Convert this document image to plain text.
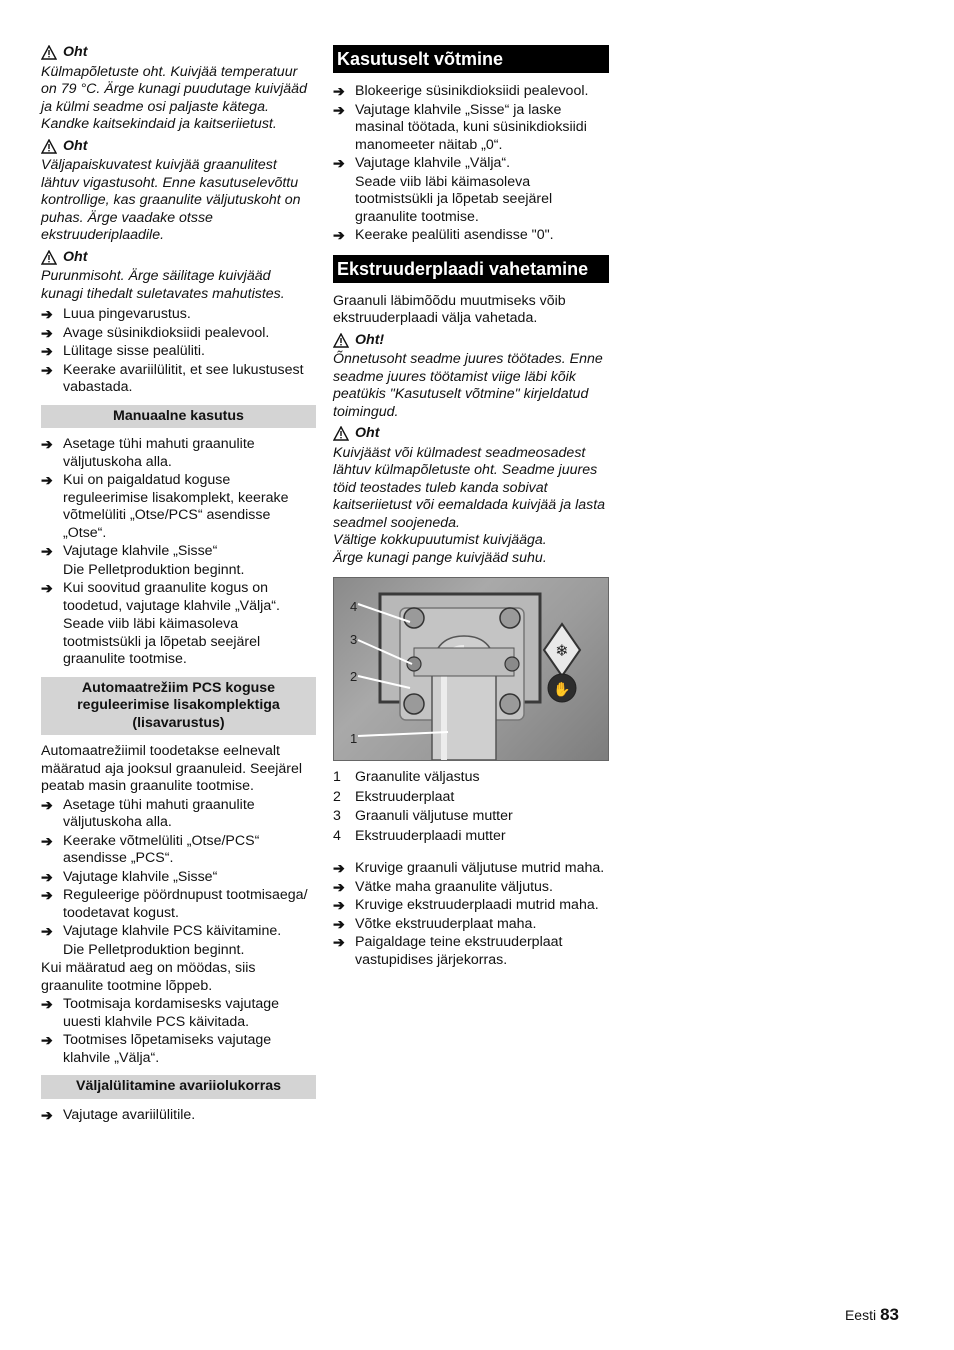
Oht
Külmapõletuste oht. Kuivjää temperatuur on 79 °C. Ärge kunagi puudutage kuivjääd ja külmi seadme osi paljaste kätega. Kandke kaitsekindaid ja kaitseriietust.
Oht
Väljapaiskuvatest kuivjää graanulitest lähtuv vigastusoht. Enne kasutuselevõttu kontrollige, kas graanulite väljutuskoht on puhas. Ärge vaadake otsse ekstruuderiplaadile.
Oht
Purunmisoht. Ärge säilitage kuivjääd kunagi tihedalt suletavates mahutistes.
➔ Luua pingevarustus.
➔ Avage süsinikdioksiidi pealevool.
➔ Lülitage sisse pealüliti.
➔ Keerake avariilülitit, et see lukustusest vabastada.
Manuaalne kasutus
➔ Asetage tühi mahuti graanulite väljutuskoha alla.
➔ Kui on paigaldatud koguse reguleerimise lisakomplekt, keerake võtmelüliti „Otse/PCS“ asendisse „Otse“.
➔ Vajutage klahvile „Sisse“
Die Pelletproduktion beginnt.
➔ Kui soovitud graanulite kogus on toodetud, vajutage klahvile „Välja“.
Seade viib läbi käimasoleva tootmistsükli ja lõpetab seejärel graanulite tootmise.
Automaatrežiim PCS koguse reguleerimise lisakomplektiga (lisavarustus)
Automaatrežiimil toodetakse eelnevalt määratud aja jooksul graanuleid. Seejärel peatab masin graanulite tootmise.
➔ Asetage tühi mahuti graanulite väljutuskoha alla.
➔ Keerake võtmelüliti „Otse/PCS“ asendisse „PCS“.
➔ Vajutage klahvile „Sisse“
➔ Reguleerige pöördnupust tootmisaega/ toodetavat kogust.
➔ Vajutage klahvile PCS käivitamine.
Die Pelletproduktion beginnt.
Kui määratud aeg on möödas, siis graanulite tootmine lõppeb.
➔ Tootmisaja kordamisesks vajutage uuesti klahvile PCS käivitada.
➔ Tootmises lõpetamiseks vajutage klahvile „Välja“.
Väljalülitamine avariiolukorras
➔ Vajutage avariilülitile.
Kasutuselt võtmine
➔ Blokeerige süsinikdioksiidi pealevool.
➔ Vajutage klahvile „Sisse“ ja laske masinal töötada, kuni süsinikdioksiidi manomeeter näitab „0“.
➔ Vajutage klahvile „Välja“.
Seade viib läbi käimasoleva tootmistsükli ja lõpetab seejärel graanulite tootmise.
➔ Keerake pealüliti asendisse "0".
Ekstruuderplaadi vahetamine
Graanuli läbimõõdu muutmiseks võib ekstruuderplaadi välja vahetada.
Oht!
Õnnetusoht seadme juures töötades. Enne seadme juures töötamist viige läbi kõik peatükis "Kasutuselt võtmine" kirjeldatud toimingud.
Oht
Kuivjääst või külmadest seadmeosadest lähtuv külmapõletuste oht. Seadme juures töid teostades tuleb kanda sobivat kaitseriietust või eemaldada kuivjää ja lasta seadmel soojeneda.
Vältige kokkupuutumist kuivjääga.
Ärge kunagi pange kuivjääd suhu.
❄
✋
4
3
2
1
1 Graanulite väljastus
2 Ekstruuderplaat
3 Graanuli väljutuse mutter
4 Ekstruuderplaadi mutter
➔ Kruvige graanuli väljutuse mutrid maha.
➔ Vätke maha graanulite väljutus.
➔ Kruvige ekstruuderplaadi mutrid maha.
➔ Võtke ekstruuderplaat maha.
➔ Paigaldage teine ekstruuderplaat vastupidises järjekorras.
Eesti 83
